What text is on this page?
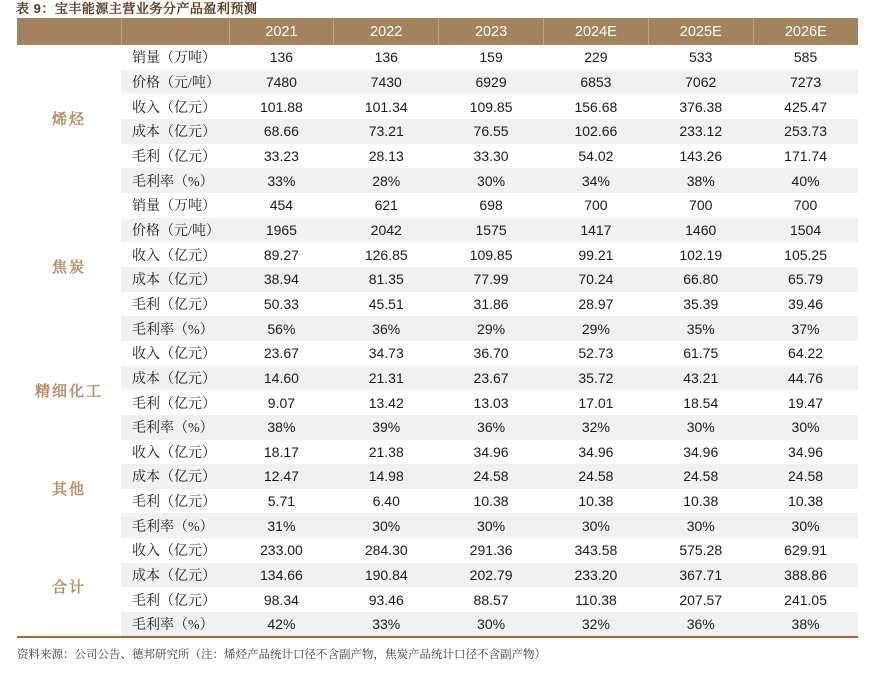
表 9：宝丰能源主营业务分产品盈利预测
		2021	2022	2023	2024E	2025E	2026E
烯烃	销量（万吨）	136	136	159	229	533	585
	价格（元/吨）	7480	7430	6929	6853	7062	7273
	收入（亿元）	101.88	101.34	109.85	156.68	376.38	425.47
	成本（亿元）	68.66	73.21	76.55	102.66	233.12	253.73
	毛利（亿元）	33.23	28.13	33.30	54.02	143.26	171.74
	毛利率（%）	33%	28%	30%	34%	38%	40%
焦炭	销量（万吨）	454	621	698	700	700	700
	价格（元/吨）	1965	2042	1575	1417	1460	1504
	收入（亿元）	89.27	126.85	109.85	99.21	102.19	105.25
	成本（亿元）	38.94	81.35	77.99	70.24	66.80	65.79
	毛利（亿元）	50.33	45.51	31.86	28.97	35.39	39.46
	毛利率（%）	56%	36%	29%	29%	35%	37%
精细化工	收入（亿元）	23.67	34.73	36.70	52.73	61.75	64.22
	成本（亿元）	14.60	21.31	23.67	35.72	43.21	44.76
	毛利（亿元）	9.07	13.42	13.03	17.01	18.54	19.47
	毛利率（%）	38%	39%	36%	32%	30%	30%
其他	收入（亿元）	18.17	21.38	34.96	34.96	34.96	34.96
	成本（亿元）	12.47	14.98	24.58	24.58	24.58	24.58
	毛利（亿元）	5.71	6.40	10.38	10.38	10.38	10.38
	毛利率（%）	31%	30%	30%	30%	30%	30%
合计	收入（亿元）	233.00	284.30	291.36	343.58	575.28	629.91
	成本（亿元）	134.66	190.84	202.79	233.20	367.71	388.86
	毛利（亿元）	98.34	93.46	88.57	110.38	207.57	241.05
	毛利率（%）	42%	33%	30%	32%	36%	38%
资料来源：公司公告、德邦研究所（注：烯烃产品统计口径不含副产物，焦炭产品统计口径不含副产物）
